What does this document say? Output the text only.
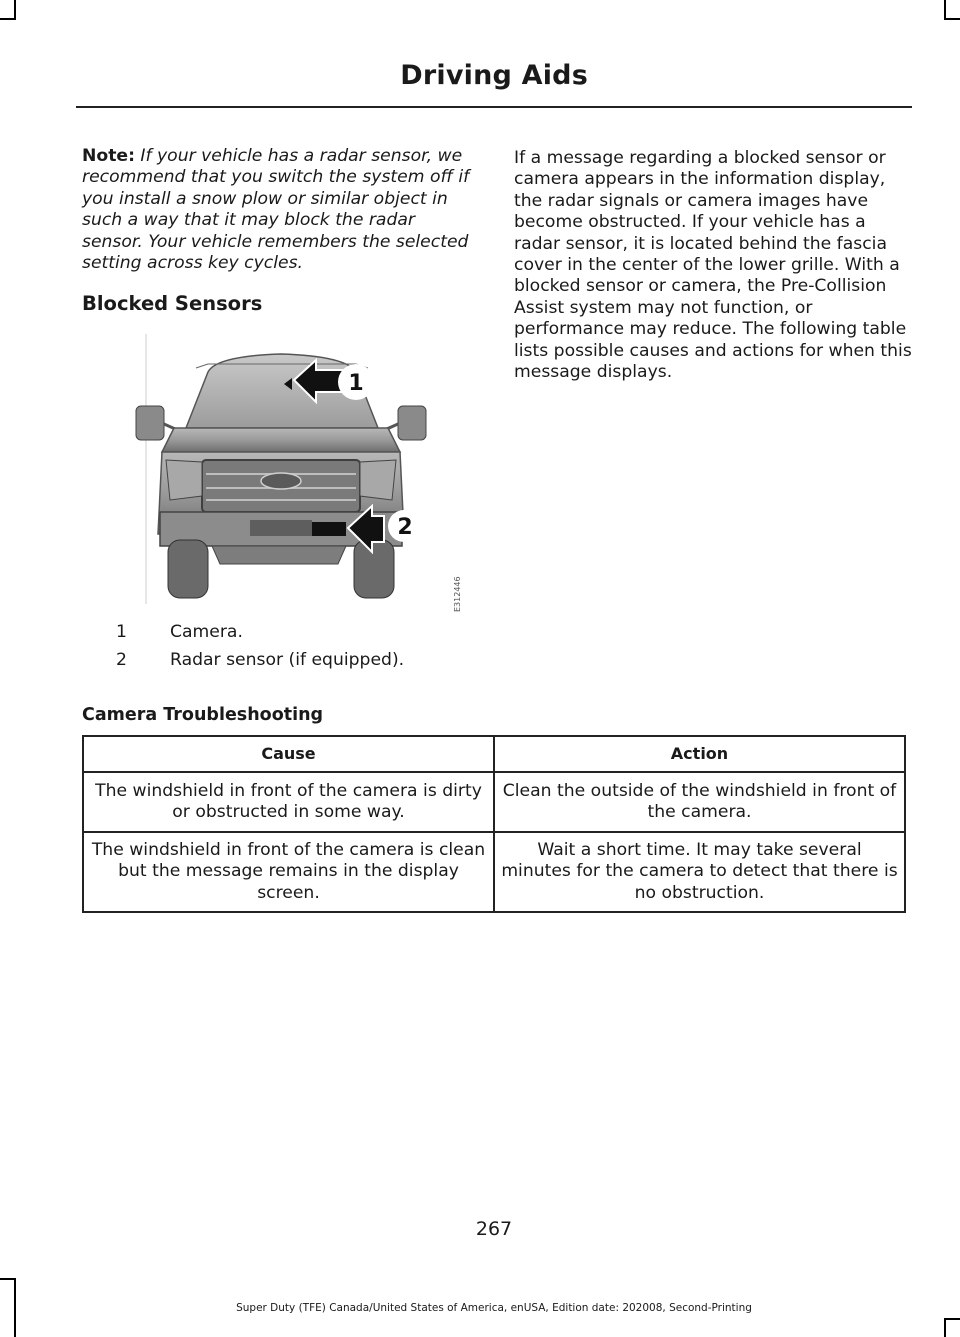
Driving Aids

Note: If your vehicle has a radar sensor, we recommend that you switch the system off if you install a snow plow or similar object in such a way that it may block the radar sensor. Your vehicle remembers the selected setting across key cycles.

Blocked Sensors
1
2
E312446
1	Camera.
2	Radar sensor (if equipped).

If a message regarding a blocked sensor or camera appears in the information display, the radar signals or camera images have become obstructed. If your vehicle has a radar sensor, it is located behind the fascia cover in the center of the lower grille. With a blocked sensor or camera, the Pre-Collision Assist system may not function, or performance may reduce. The following table lists possible causes and actions for when this message displays.

Camera Troubleshooting
Cause	Action
The windshield in front of the camera is dirty or obstructed in some way.	Clean the outside of the windshield in front of the camera.
The windshield in front of the camera is clean but the message remains in the display screen.	Wait a short time. It may take several minutes for the camera to detect that there is no obstruction.
267
Super Duty (TFE) Canada/United States of America, enUSA, Edition date: 202008, Second-Printing
